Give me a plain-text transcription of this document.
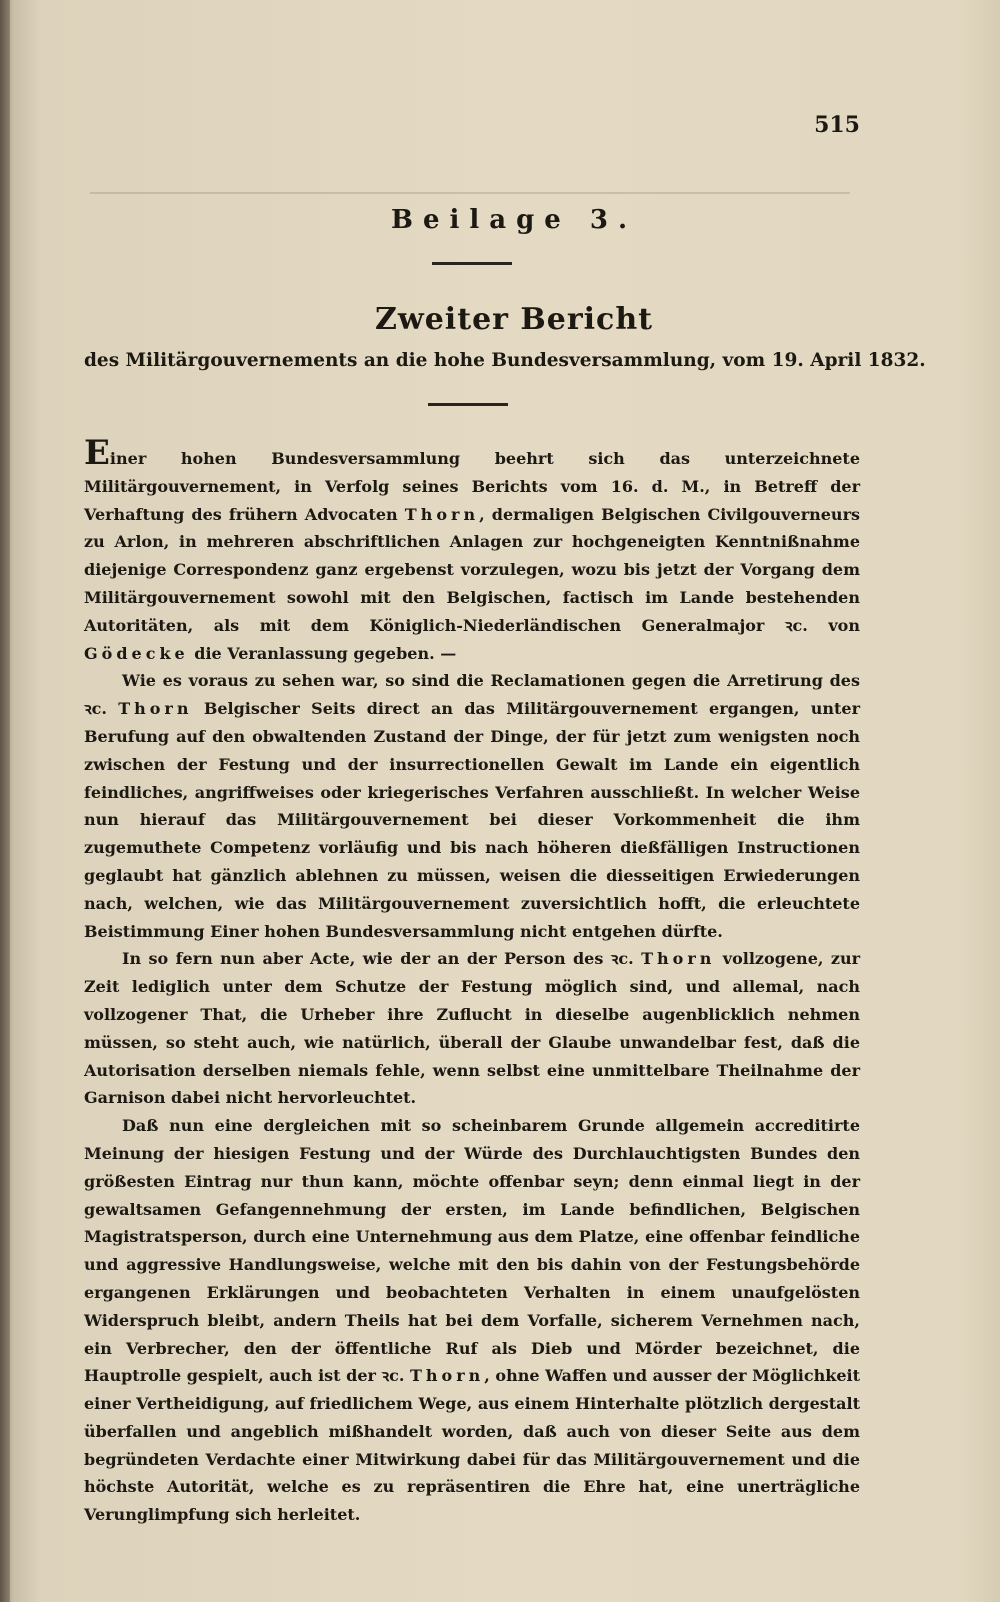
515
Beilage 3.
Zweiter Bericht
des Militärgouvernements an die hohe Bundesversammlung, vom 19. April 1832.

Einer hohen Bundesversammlung beehrt sich das unterzeichnete Militärgouvernement, in Verfolg seines Berichts vom 16. d. M., in Betreff der Verhaftung des frühern Advocaten Thorn, dermaligen Belgischen Civilgouverneurs zu Arlon, in mehreren abschriftlichen Anlagen zur hochgeneigten Kenntnißnahme diejenige Correspondenz ganz ergebenst vorzulegen, wozu bis jetzt der Vorgang dem Militärgouvernement sowohl mit den Belgischen, factisch im Lande bestehenden Autoritäten, als mit dem Königlich-Niederländischen Generalmajor ꝛc. von Gödecke die Veranlassung gegeben. —

Wie es voraus zu sehen war, so sind die Reclamationen gegen die Arretirung des ꝛc. Thorn Belgischer Seits direct an das Militärgouvernement ergangen, unter Berufung auf den obwaltenden Zustand der Dinge, der für jetzt zum wenigsten noch zwischen der Festung und der insurrectionellen Gewalt im Lande ein eigentlich feindliches, angriffweises oder kriegerisches Verfahren ausschließt. In welcher Weise nun hierauf das Militärgouvernement bei dieser Vorkommenheit die ihm zugemuthete Competenz vorläufig und bis nach höheren dießfälligen Instructionen geglaubt hat gänzlich ablehnen zu müssen, weisen die diesseitigen Erwiederungen nach, welchen, wie das Militärgouvernement zuversichtlich hofft, die erleuchtete Beistimmung Einer hohen Bundesversammlung nicht entgehen dürfte.

In so fern nun aber Acte, wie der an der Person des ꝛc. Thorn vollzogene, zur Zeit lediglich unter dem Schutze der Festung möglich sind, und allemal, nach vollzogener That, die Urheber ihre Zuflucht in dieselbe augenblicklich nehmen müssen, so steht auch, wie natürlich, überall der Glaube unwandelbar fest, daß die Autorisation derselben niemals fehle, wenn selbst eine unmittelbare Theilnahme der Garnison dabei nicht hervorleuchtet.

Daß nun eine dergleichen mit so scheinbarem Grunde allgemein accreditirte Meinung der hiesigen Festung und der Würde des Durchlauchtigsten Bundes den größesten Eintrag nur thun kann, möchte offenbar seyn; denn einmal liegt in der gewaltsamen Gefangennehmung der ersten, im Lande befindlichen, Belgischen Magistratsperson, durch eine Unternehmung aus dem Platze, eine offenbar feindliche und aggressive Handlungsweise, welche mit den bis dahin von der Festungsbehörde ergangenen Erklärungen und beobachteten Verhalten in einem unaufgelösten Widerspruch bleibt, andern Theils hat bei dem Vorfalle, sicherem Vernehmen nach, ein Verbrecher, den der öffentliche Ruf als Dieb und Mörder bezeichnet, die Hauptrolle gespielt, auch ist der ꝛc. Thorn, ohne Waffen und ausser der Möglichkeit einer Vertheidigung, auf friedlichem Wege, aus einem Hinterhalte plötzlich dergestalt überfallen und angeblich mißhandelt worden, daß auch von dieser Seite aus dem begründeten Verdachte einer Mitwirkung dabei für das Militärgouvernement und die höchste Autorität, welche es zu repräsentiren die Ehre hat, eine unerträgliche Verunglimpfung sich herleitet.
